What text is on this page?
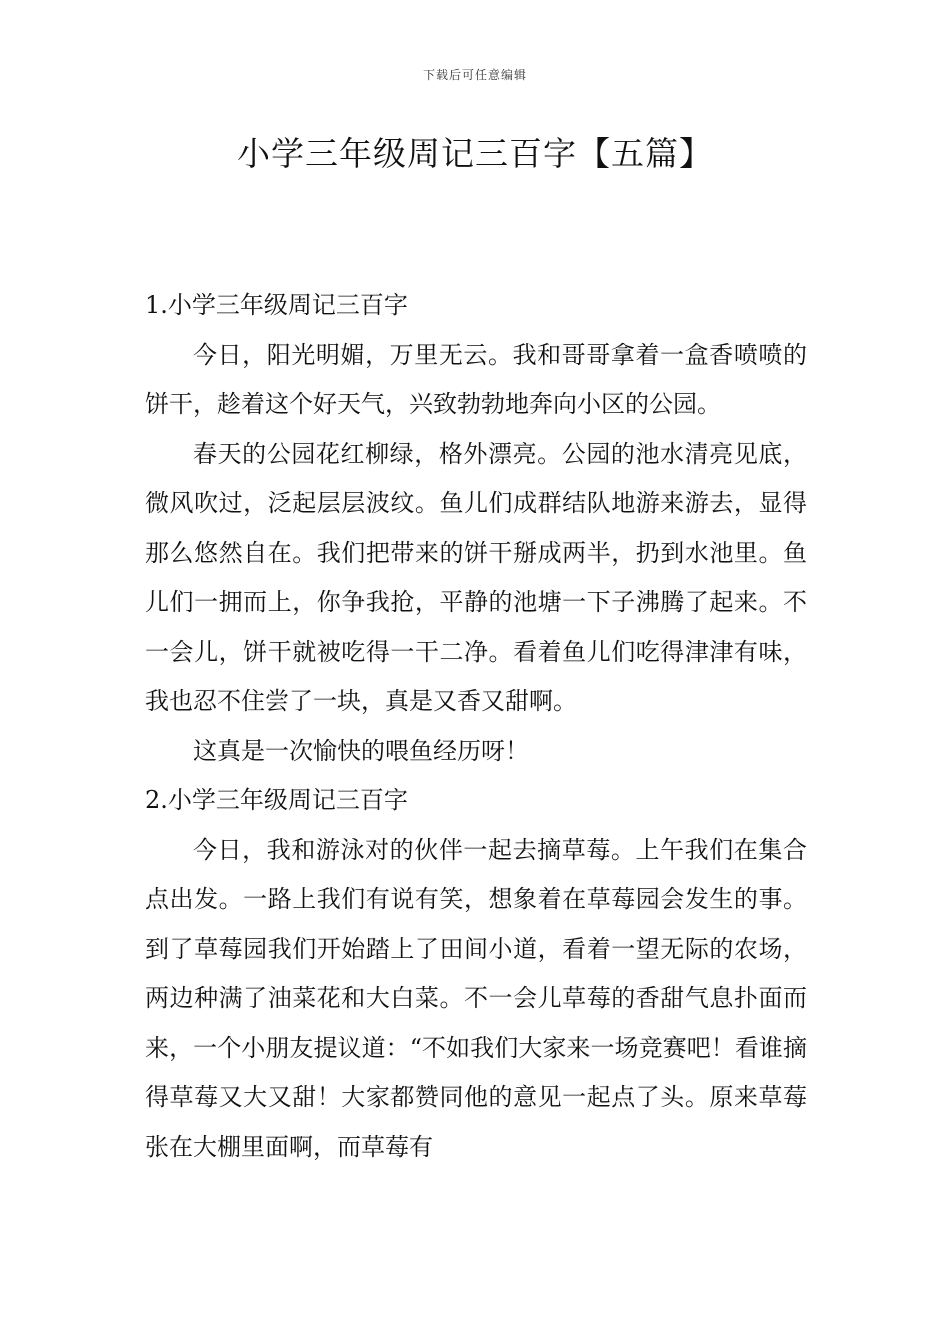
下载后可任意编辑
小学三年级周记三百字【五篇】
1.小学三年级周记三百字

今日，阳光明媚，万里无云。我和哥哥拿着一盒香喷喷的饼干，趁着这个好天气，兴致勃勃地奔向小区的公园。

春天的公园花红柳绿，格外漂亮。公园的池水清亮见底，微风吹过，泛起层层波纹。鱼儿们成群结队地游来游去，显得那么悠然自在。我们把带来的饼干掰成两半，扔到水池里。鱼儿们一拥而上，你争我抢，平静的池塘一下子沸腾了起来。不一会儿，饼干就被吃得一干二净。看着鱼儿们吃得津津有味，我也忍不住尝了一块，真是又香又甜啊。

这真是一次愉快的喂鱼经历呀！

2.小学三年级周记三百字

今日，我和游泳对的伙伴一起去摘草莓。上午我们在集合点出发。一路上我们有说有笑，想象着在草莓园会发生的事。到了草莓园我们开始踏上了田间小道，看着一望无际的农场，两边种满了油菜花和大白菜。不一会儿草莓的香甜气息扑面而来，一个小朋友提议道：“不如我们大家来一场竞赛吧！看谁摘得草莓又大又甜！大家都赞同他的意见一起点了头。原来草莓张在大棚里面啊，而草莓有
